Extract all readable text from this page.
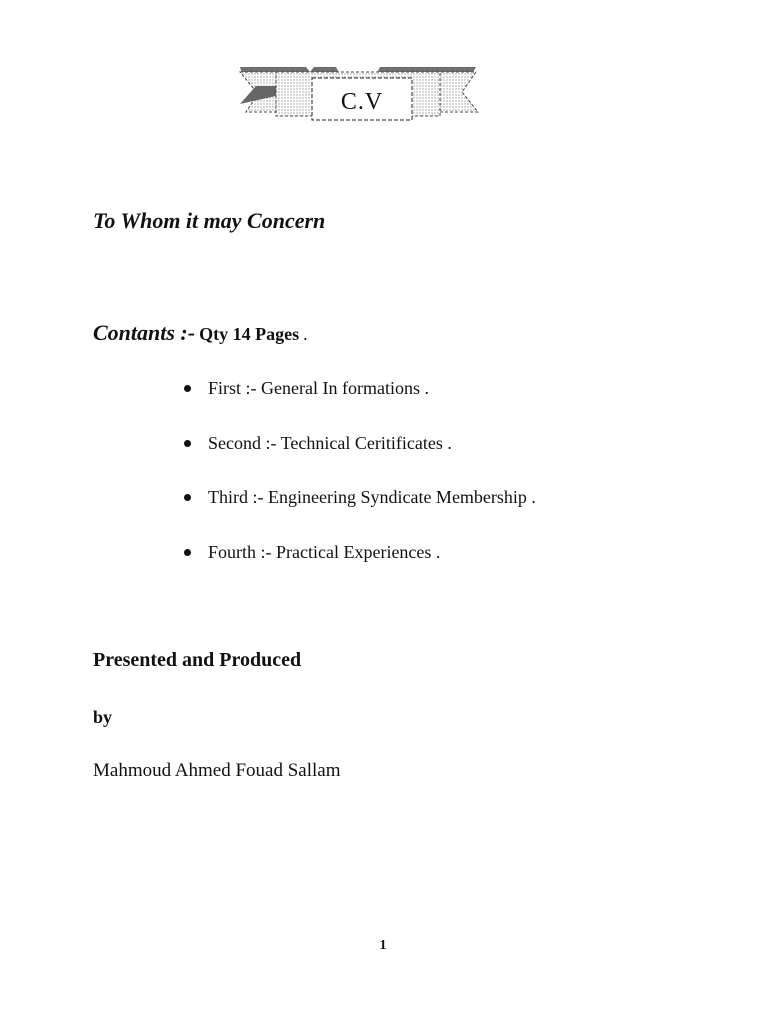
C.V

To Whom it may Concern

Contants :- Qty 14 Pages .
First :- General In formations .
Second :- Technical Ceritificates .
Third :- Engineering Syndicate Membership .
Fourth :- Practical Experiences .
Presented and Produced
by
Mahmoud Ahmed Fouad Sallam
1
